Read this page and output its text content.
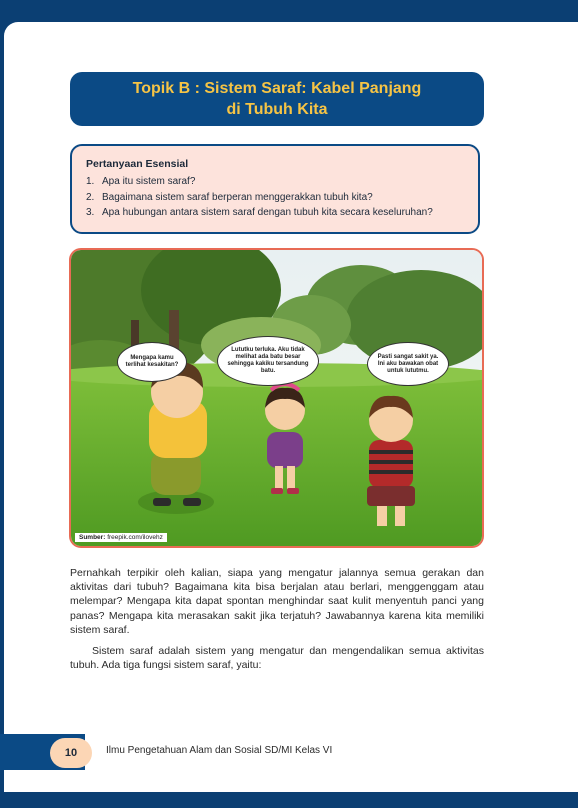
Topik B : Sistem Saraf: Kabel Panjang
di Tubuh Kita
Pertanyaan Esensial
1. Apa itu sistem saraf?
2. Bagaimana sistem saraf berperan menggerakkan tubuh kita?
3. Apa hubungan antara sistem saraf dengan tubuh kita secara keseluruhan?
Mengapa kamu terlihat kesakitan?
Lututku terluka. Aku tidak melihat ada batu besar sehingga kakiku tersandung batu.
Pasti sangat sakit ya. Ini aku bawakan obat untuk lututmu.
Sumber: freepik.com/ilovehz

Pernahkah terpikir oleh kalian, siapa yang mengatur jalannya semua gerakan dan aktivitas dari tubuh? Bagaimana kita bisa berjalan atau berlari, menggenggam atau melempar? Mengapa kita dapat spontan menghindar saat kulit menyentuh panci yang panas? Mengapa kita merasakan sakit jika terjatuh? Jawabannya karena kita memiliki sistem saraf.

Sistem saraf adalah sistem yang mengatur dan mengendalikan semua aktivitas tubuh. Ada tiga fungsi sistem saraf, yaitu:

10	Ilmu Pengetahuan Alam dan Sosial SD/MI Kelas VI
